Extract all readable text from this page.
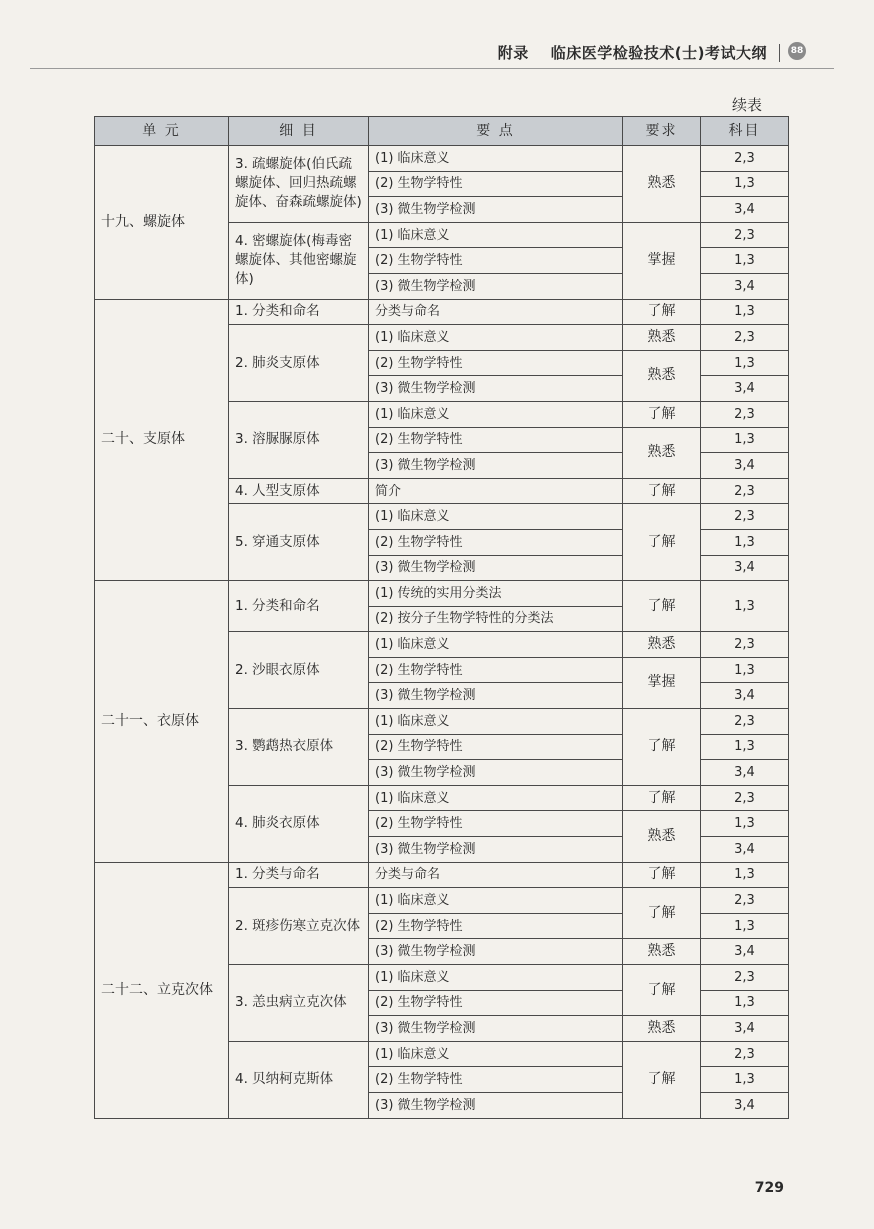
附录 临床医学检验技术(士)考试大纲	88
续表
单 元	细 目	要 点	要求	科目
十九、螺旋体	3. 疏螺旋体(伯氏疏螺旋体、回归热疏螺旋体、奋森疏螺旋体)	(1) 临床意义	熟悉	2,3
		(2) 生物学特性		1,3
		(3) 微生物学检测		3,4
	4. 密螺旋体(梅毒密螺旋体、其他密螺旋体)	(1) 临床意义	掌握	2,3
		(2) 生物学特性		1,3
		(3) 微生物学检测		3,4
二十、支原体	1. 分类和命名	分类与命名	了解	1,3
	2. 肺炎支原体	(1) 临床意义	熟悉	2,3
		(2) 生物学特性	熟悉	1,3
		(3) 微生物学检测		3,4
	3. 溶脲脲原体	(1) 临床意义	了解	2,3
		(2) 生物学特性	熟悉	1,3
		(3) 微生物学检测		3,4
	4. 人型支原体	简介	了解	2,3
	5. 穿通支原体	(1) 临床意义	了解	2,3
		(2) 生物学特性		1,3
		(3) 微生物学检测		3,4
二十一、衣原体	1. 分类和命名	(1) 传统的实用分类法	了解	1,3
		(2) 按分子生物学特性的分类法		
	2. 沙眼衣原体	(1) 临床意义	熟悉	2,3
		(2) 生物学特性	掌握	1,3
		(3) 微生物学检测		3,4
	3. 鹦鹉热衣原体	(1) 临床意义	了解	2,3
		(2) 生物学特性		1,3
		(3) 微生物学检测		3,4
	4. 肺炎衣原体	(1) 临床意义	了解	2,3
		(2) 生物学特性	熟悉	1,3
		(3) 微生物学检测		3,4
二十二、立克次体	1. 分类与命名	分类与命名	了解	1,3
	2. 斑疹伤寒立克次体	(1) 临床意义	了解	2,3
		(2) 生物学特性		1,3
		(3) 微生物学检测	熟悉	3,4
	3. 恙虫病立克次体	(1) 临床意义	了解	2,3
		(2) 生物学特性		1,3
		(3) 微生物学检测	熟悉	3,4
	4. 贝纳柯克斯体	(1) 临床意义	了解	2,3
		(2) 生物学特性		1,3
		(3) 微生物学检测		3,4
729
